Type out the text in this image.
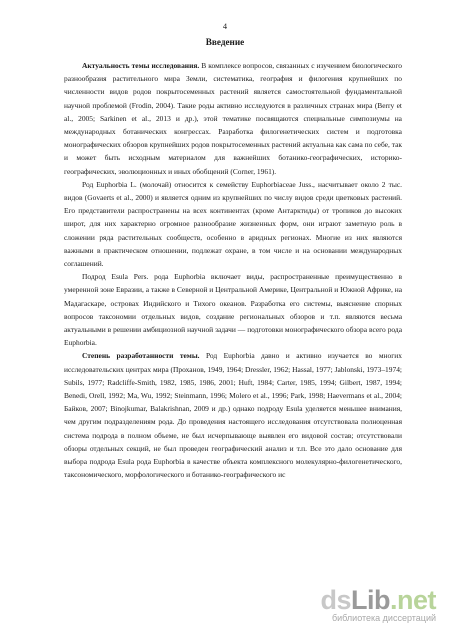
4
Введение

Актуальность темы исследования. В комплексе вопросов, связанных с изучением биологического разнообразия растительного мира Земли, систематика, география и филогения крупнейших по численности видов родов покрытосеменных растений является самостоятельной фундаментальной научной проблемой (Frodin, 2004). Такие роды активно исследуются в различных странах мира (Berry et al., 2005; Sarkinen et al., 2013 и др.), этой тематике посвящаются специальные симпозиумы на международных ботанических конгрессах. Разработка филогенетических систем и подготовка монографических обзоров крупнейших родов покрытосеменных растений актуальна как сама по себе, так и может быть исходным материалом для важнейших ботанико-географических, историко-географических, эволюционных и иных обобщений (Corner, 1961).

Род Euphorbia L. (молочай) относится к семейству Euphorbiaceae Juss., насчитывает около 2 тыс. видов (Govaerts et al., 2000) и является одним из крупнейших по числу видов среди цветковых растений. Его представители распространены на всех континентах (кроме Антарктиды) от тропиков до высоких широт, для них характерно огромное разнообразие жизненных форм, они играют заметную роль в сложении ряда растительных сообществ, особенно в аридных регионах. Многие из них являются важными в практическом отношении, подлежат охране, в том числе и на основании международных соглашений.

Подрод Esula Pers. рода Euphorbia включает виды, распространенные преимущественно в умеренной зоне Евразии, а также в Северной и Центральной Америке, Центральной и Южной Африке, на Мадагаскаре, островах Индийского и Тихого океанов. Разработка его системы, выяснение спорных вопросов таксономии отдельных видов, создание региональных обзоров и т.п. являются весьма актуальными в решении амбициозной научной задачи — подготовки монографического обзора всего рода Euphorbia.

Степень разработанности темы. Род Euphorbia давно и активно изучается во многих исследовательских центрах мира (Проханов, 1949, 1964; Dressler, 1962; Hassal, 1977; Jablonski, 1973–1974; Subils, 1977; Radcliffe-Smith, 1982, 1985, 1986, 2001; Huft, 1984; Carter, 1985, 1994; Gilbert, 1987, 1994; Benedi, Orell, 1992; Ma, Wu, 1992; Steinmann, 1996; Molero et al., 1996; Park, 1998; Haevermans et al., 2004; Байков, 2007; Binojkumar, Balakrishnan, 2009 и др.) однако подроду Esula уделяется меньшее внимания, чем другим подразделениям рода. До проведения настоящего исследования отсутствовала полноценная система подрода в полном объеме, не был исчерпывающе выявлен его видовой состав; отсутствовали обзоры отдельных секций, не был проведен географический анализ и т.п. Все это дало основание для выбора подрода Esula рода Euphorbia в качестве объекта комплексного молекулярно-филогенетического, таксономического, морфологического и ботанико-географического ис

ds Lib .net
библиотека диссертаций
